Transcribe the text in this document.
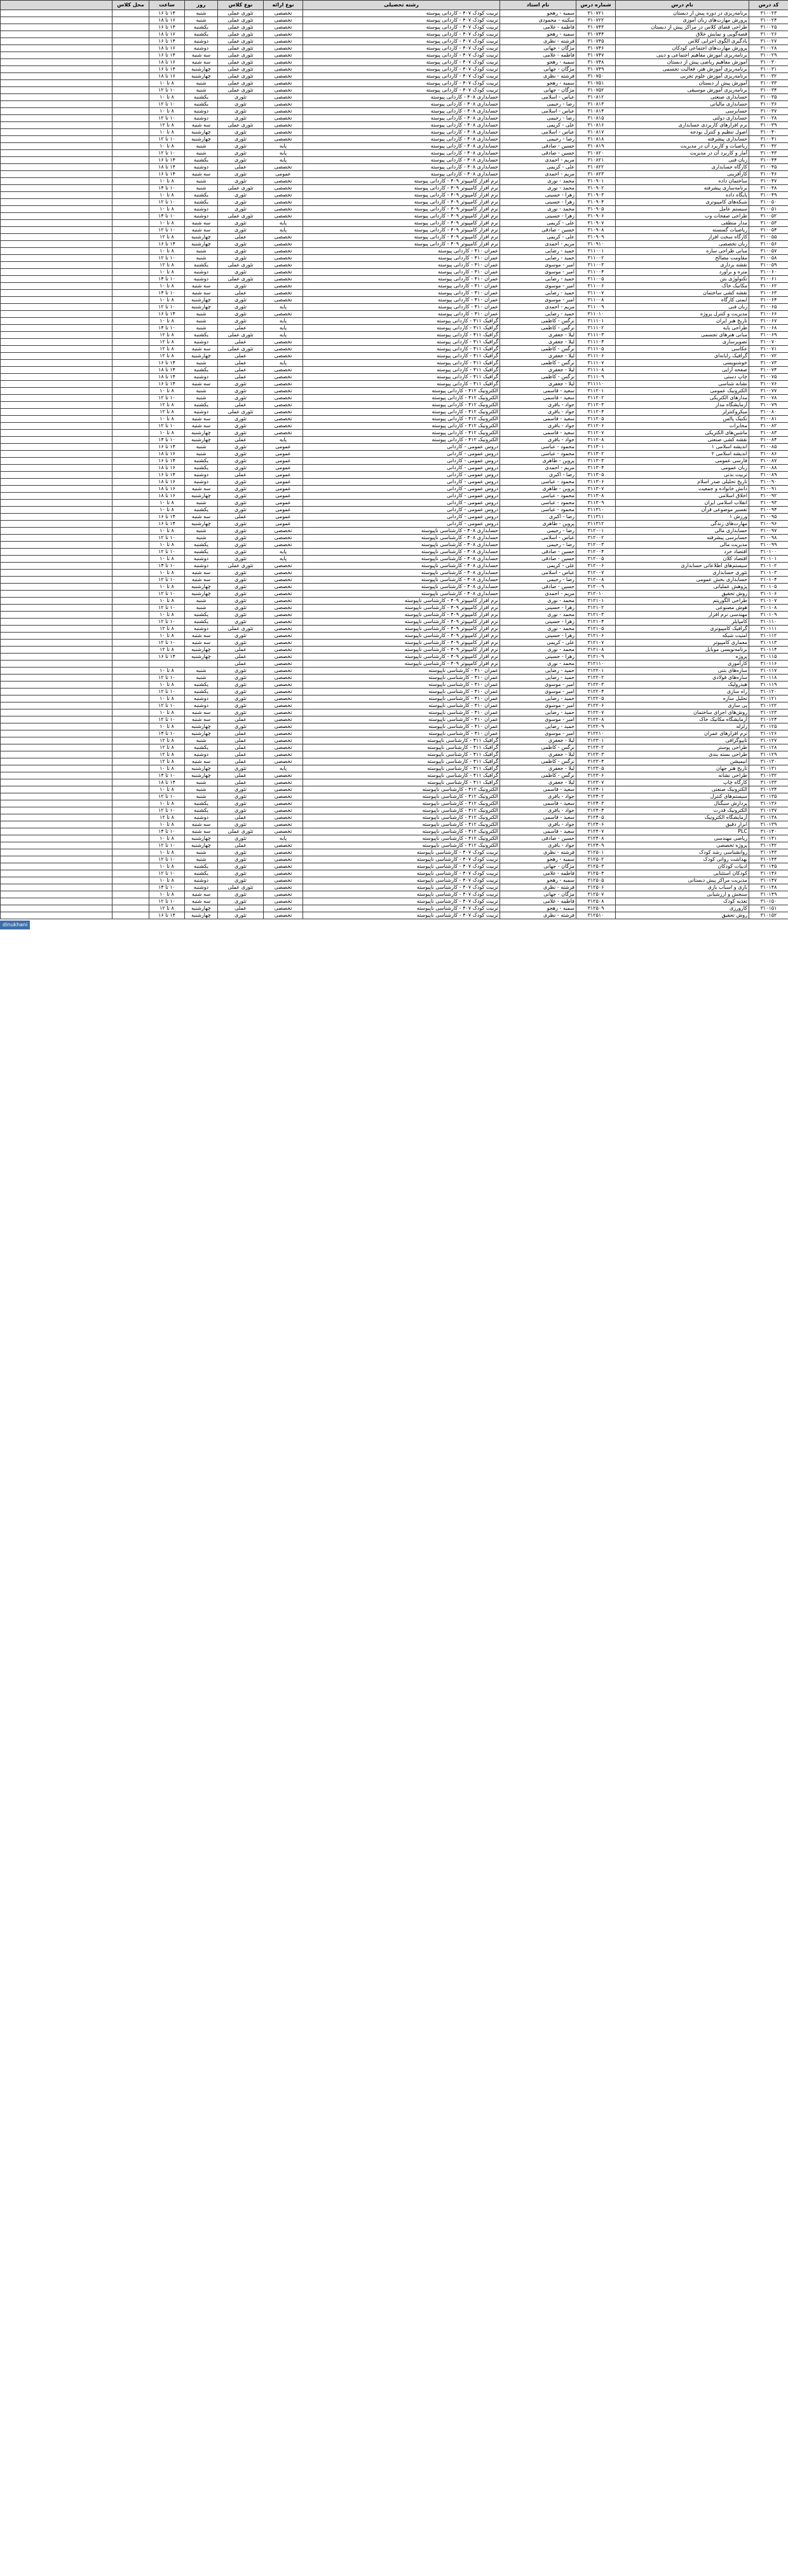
کد درس	نام درس	شماره درس	نام استاد	رشته تحصیلی	نوع ارائه	نوع کلاس	روز	ساعت	محل کلاس	
۳۱۰۰۲۳	برنامه‌ریزی در دوره پیش از دبستان	۳۱۰۷۲۱	سمیه - رهجو	تربیت کودک ۴۰۷ - کاردانی پیوسته	تخصصی	تئوری عملی	شنبه	۱۴ تا ۱۶		
۳۱۰۰۲۴	پرورش مهارت‌های زبان آموزی	۳۱۰۷۲۲	سکینه - محمودی	تربیت کودک ۴۰۷ - کاردانی پیوسته	تخصصی	تئوری عملی	شنبه	۱۶ تا ۱۸		
۳۱۰۰۲۵	طراحی فضای کلاس در مراکز پیش از دبستان	۳۱۰۷۴۳	فاطمه - غلامی	تربیت کودک ۴۰۷ - کاردانی پیوسته	تخصصی	تئوری عملی	یکشنبه	۱۴ تا ۱۶		
۳۱۰۰۲۶	قصه‌گویی و نمایش خلاق	۳۱۰۷۴۴	سمیه - رهجو	تربیت کودک ۴۰۷ - کاردانی پیوسته	تخصصی	تئوری عملی	یکشنبه	۱۶ تا ۱۸		
۳۱۰۰۲۷	یادگیری الگوی اجرایی کلاس	۳۱۰۷۴۵	فرشته - نظری	تربیت کودک ۴۰۷ - کاردانی پیوسته	تخصصی	تئوری عملی	دوشنبه	۱۴ تا ۱۶		
۳۱۰۰۲۸	پرورش مهارت‌های اجتماعی کودکان	۳۱۰۷۴۶	مژگان - جهانی	تربیت کودک ۴۰۷ - کاردانی پیوسته	تخصصی	تئوری عملی	دوشنبه	۱۶ تا ۱۸		
۳۱۰۰۲۹	برنامه‌ریزی آموزش مفاهیم اجتماعی و دینی	۳۱۰۷۴۷	فاطمه - غلامی	تربیت کودک ۴۰۷ - کاردانی پیوسته	تخصصی	تئوری عملی	سه شنبه	۱۴ تا ۱۶		
۳۱۰۰۳۰	آموزش مفاهیم ریاضی پیش از دبستان	۳۱۰۷۴۸	سمیه - رهجو	تربیت کودک ۴۰۷ - کاردانی پیوسته	تخصصی	تئوری عملی	سه شنبه	۱۶ تا ۱۸		
۳۱۰۰۳۱	برنامه‌ریزی آموزش هنر، فعالیت تجسمی	۳۱۰۷۴۹	مژگان - جهانی	تربیت کودک ۴۰۷ - کاردانی پیوسته	تخصصی	تئوری عملی	چهارشنبه	۱۴ تا ۱۶		
۳۱۰۰۳۲	برنامه‌ریزی آموزش علوم تجربی	۳۱۰۷۵۰	فرشته - نظری	تربیت کودک ۴۰۷ - کاردانی پیوسته	تخصصی	تئوری عملی	چهارشنبه	۱۶ تا ۱۸		
۳۱۰۰۳۳	آموزش پیش از دبستان	۳۱۰۷۵۱	سمیه - رهجو	تربیت کودک ۴۰۷ - کاردانی پیوسته	تخصصی	تئوری عملی	شنبه	۸ تا ۱۰		
۳۱۰۰۳۴	برنامه‌ریزی آموزش موسیقی	۳۱۰۷۵۲	مژگان - جهانی	تربیت کودک ۴۰۷ - کاردانی پیوسته	تخصصی	تئوری عملی	شنبه	۱۰ تا ۱۲		
۳۱۰۰۳۵	حسابداری صنعتی	۳۱۰۸۱۲	عباس - اسلامی	حسابداری ۴۰۸ - کاردانی پیوسته	تخصصی	تئوری	یکشنبه	۸ تا ۱۰		
۳۱۰۰۳۶	حسابداری مالیاتی	۳۱۰۸۱۳	رضا - رحیمی	حسابداری ۴۰۸ - کاردانی پیوسته	تخصصی	تئوری	یکشنبه	۱۰ تا ۱۲		
۳۱۰۰۳۷	حسابرسی	۳۱۰۸۱۴	عباس - اسلامی	حسابداری ۴۰۸ - کاردانی پیوسته	تخصصی	تئوری	دوشنبه	۸ تا ۱۰		
۳۱۰۰۳۸	حسابداری دولتی	۳۱۰۸۱۵	رضا - رحیمی	حسابداری ۴۰۸ - کاردانی پیوسته	تخصصی	تئوری	دوشنبه	۱۰ تا ۱۲		
۳۱۰۰۳۹	نرم افزارهای کاربردی حسابداری	۳۱۰۸۱۶	علی - کریمی	حسابداری ۴۰۸ - کاردانی پیوسته	تخصصی	تئوری عملی	سه شنبه	۸ تا ۱۲		
۳۱۰۰۴۰	اصول تنظیم و کنترل بودجه	۳۱۰۸۱۷	عباس - اسلامی	حسابداری ۴۰۸ - کاردانی پیوسته	تخصصی	تئوری	چهارشنبه	۸ تا ۱۰		
۳۱۰۰۴۱	حسابداری پیشرفته	۳۱۰۸۱۸	رضا - رحیمی	حسابداری ۴۰۸ - کاردانی پیوسته	تخصصی	تئوری	چهارشنبه	۱۰ تا ۱۲		
۳۱۰۰۴۲	ریاضیات و کاربرد آن در مدیریت	۳۱۰۸۱۹	حسین - صادقی	حسابداری ۴۰۸ - کاردانی پیوسته	پایه	تئوری	شنبه	۸ تا ۱۰		
۳۱۰۰۴۳	آمار و کاربرد آن در مدیریت	۳۱۰۸۲۰	حسین - صادقی	حسابداری ۴۰۸ - کاردانی پیوسته	پایه	تئوری	شنبه	۱۰ تا ۱۲		
۳۱۰۰۴۴	زبان فنی	۳۱۰۸۲۱	مریم - احمدی	حسابداری ۴۰۸ - کاردانی پیوسته	پایه	تئوری	یکشنبه	۱۴ تا ۱۶		
۳۱۰۰۴۵	کارگاه حسابداری	۳۱۰۸۲۲	علی - کریمی	حسابداری ۴۰۸ - کاردانی پیوسته	تخصصی	عملی	دوشنبه	۱۴ تا ۱۸		
۳۱۰۰۴۶	کارآفرینی	۳۱۰۸۲۳	مریم - احمدی	حسابداری ۴۰۸ - کاردانی پیوسته	عمومی	تئوری	سه شنبه	۱۴ تا ۱۶		
۳۱۰۰۴۷	ساختمان داده	۳۱۰۹۰۱	محمد - نوری	نرم افزار کامپیوتر ۴۰۹ - کاردانی پیوسته	تخصصی	تئوری	شنبه	۸ تا ۱۰		
۳۱۰۰۴۸	برنامه‌سازی پیشرفته	۳۱۰۹۰۲	محمد - نوری	نرم افزار کامپیوتر ۴۰۹ - کاردانی پیوسته	تخصصی	تئوری عملی	شنبه	۱۰ تا ۱۴		
۳۱۰۰۴۹	پایگاه داده	۳۱۰۹۰۳	زهرا - حسینی	نرم افزار کامپیوتر ۴۰۹ - کاردانی پیوسته	تخصصی	تئوری	یکشنبه	۸ تا ۱۰		
۳۱۰۰۵۰	شبکه‌های کامپیوتری	۳۱۰۹۰۴	زهرا - حسینی	نرم افزار کامپیوتر ۴۰۹ - کاردانی پیوسته	تخصصی	تئوری	یکشنبه	۱۰ تا ۱۲		
۳۱۰۰۵۱	سیستم عامل	۳۱۰۹۰۵	محمد - نوری	نرم افزار کامپیوتر ۴۰۹ - کاردانی پیوسته	تخصصی	تئوری	دوشنبه	۸ تا ۱۰		
۳۱۰۰۵۲	طراحی صفحات وب	۳۱۰۹۰۶	زهرا - حسینی	نرم افزار کامپیوتر ۴۰۹ - کاردانی پیوسته	تخصصی	تئوری عملی	دوشنبه	۱۰ تا ۱۴		
۳۱۰۰۵۳	مدار منطقی	۳۱۰۹۰۷	علی - کریمی	نرم افزار کامپیوتر ۴۰۹ - کاردانی پیوسته	پایه	تئوری	سه شنبه	۸ تا ۱۰		
۳۱۰۰۵۴	ریاضیات گسسته	۳۱۰۹۰۸	حسین - صادقی	نرم افزار کامپیوتر ۴۰۹ - کاردانی پیوسته	پایه	تئوری	سه شنبه	۱۰ تا ۱۲		
۳۱۰۰۵۵	کارگاه سخت افزار	۳۱۰۹۰۹	علی - کریمی	نرم افزار کامپیوتر ۴۰۹ - کاردانی پیوسته	تخصصی	عملی	چهارشنبه	۸ تا ۱۲		
۳۱۰۰۵۶	زبان تخصصی	۳۱۰۹۱۰	مریم - احمدی	نرم افزار کامپیوتر ۴۰۹ - کاردانی پیوسته	تخصصی	تئوری	چهارشنبه	۱۴ تا ۱۶		
۳۱۰۰۵۷	مبانی طراحی سازه	۳۱۱۰۰۱	حمید - رضایی	عمران ۴۱۰ - کاردانی پیوسته	تخصصی	تئوری	شنبه	۸ تا ۱۰		
۳۱۰۰۵۸	مقاومت مصالح	۳۱۱۰۰۲	حمید - رضایی	عمران ۴۱۰ - کاردانی پیوسته	تخصصی	تئوری	شنبه	۱۰ تا ۱۲		
۳۱۰۰۵۹	نقشه برداری	۳۱۱۰۰۳	امیر - موسوی	عمران ۴۱۰ - کاردانی پیوسته	تخصصی	تئوری عملی	یکشنبه	۸ تا ۱۲		
۳۱۰۰۶۰	متره و برآورد	۳۱۱۰۰۴	امیر - موسوی	عمران ۴۱۰ - کاردانی پیوسته	تخصصی	تئوری	دوشنبه	۸ تا ۱۰		
۳۱۰۰۶۱	تکنولوژی بتن	۳۱۱۰۰۵	حمید - رضایی	عمران ۴۱۰ - کاردانی پیوسته	تخصصی	تئوری عملی	دوشنبه	۱۰ تا ۱۴		
۳۱۰۰۶۲	مکانیک خاک	۳۱۱۰۰۶	امیر - موسوی	عمران ۴۱۰ - کاردانی پیوسته	تخصصی	تئوری	سه شنبه	۸ تا ۱۰		
۳۱۰۰۶۳	نقشه کشی ساختمان	۳۱۱۰۰۷	حمید - رضایی	عمران ۴۱۰ - کاردانی پیوسته	تخصصی	عملی	سه شنبه	۱۰ تا ۱۴		
۳۱۰۰۶۴	ایمنی کارگاه	۳۱۱۰۰۸	امیر - موسوی	عمران ۴۱۰ - کاردانی پیوسته	تخصصی	تئوری	چهارشنبه	۸ تا ۱۰		
۳۱۰۰۶۵	زبان فنی	۳۱۱۰۰۹	مریم - احمدی	عمران ۴۱۰ - کاردانی پیوسته	پایه	تئوری	چهارشنبه	۱۰ تا ۱۲		
۳۱۰۰۶۶	مدیریت و کنترل پروژه	۳۱۱۰۱۰	حمید - رضایی	عمران ۴۱۰ - کاردانی پیوسته	تخصصی	تئوری	شنبه	۱۴ تا ۱۶		
۳۱۰۰۶۷	تاریخ هنر ایران	۳۱۱۱۰۱	نرگس - کاظمی	گرافیک ۴۱۱ - کاردانی پیوسته	پایه	تئوری	شنبه	۸ تا ۱۰		
۳۱۰۰۶۸	طراحی پایه	۳۱۱۱۰۲	نرگس - کاظمی	گرافیک ۴۱۱ - کاردانی پیوسته	پایه	عملی	شنبه	۱۰ تا ۱۴		
۳۱۰۰۶۹	مبانی هنرهای تجسمی	۳۱۱۱۰۳	لیلا - جعفری	گرافیک ۴۱۱ - کاردانی پیوسته	پایه	تئوری عملی	یکشنبه	۸ تا ۱۲		
۳۱۰۰۷۰	تصویرسازی	۳۱۱۱۰۴	لیلا - جعفری	گرافیک ۴۱۱ - کاردانی پیوسته	تخصصی	عملی	دوشنبه	۸ تا ۱۲		
۳۱۰۰۷۱	عکاسی	۳۱۱۱۰۵	نرگس - کاظمی	گرافیک ۴۱۱ - کاردانی پیوسته	تخصصی	تئوری عملی	سه شنبه	۸ تا ۱۲		
۳۱۰۰۷۲	گرافیک رایانه‌ای	۳۱۱۱۰۶	لیلا - جعفری	گرافیک ۴۱۱ - کاردانی پیوسته	تخصصی	عملی	چهارشنبه	۸ تا ۱۲		
۳۱۰۰۷۳	خوشنویسی	۳۱۱۱۰۷	نرگس - کاظمی	گرافیک ۴۱۱ - کاردانی پیوسته	پایه	عملی	شنبه	۱۴ تا ۱۶		
۳۱۰۰۷۴	صفحه آرایی	۳۱۱۱۰۸	لیلا - جعفری	گرافیک ۴۱۱ - کاردانی پیوسته	تخصصی	عملی	یکشنبه	۱۴ تا ۱۸		
۳۱۰۰۷۵	چاپ دستی	۳۱۱۱۰۹	نرگس - کاظمی	گرافیک ۴۱۱ - کاردانی پیوسته	تخصصی	عملی	دوشنبه	۱۴ تا ۱۸		
۳۱۰۰۷۶	نشانه شناسی	۳۱۱۱۱۰	لیلا - جعفری	گرافیک ۴۱۱ - کاردانی پیوسته	تخصصی	تئوری	سه شنبه	۱۴ تا ۱۶		
۳۱۰۰۷۷	الکترونیک عمومی	۳۱۱۲۰۱	سعید - قاسمی	الکترونیک ۴۱۲ - کاردانی پیوسته	تخصصی	تئوری	شنبه	۸ تا ۱۰		
۳۱۰۰۷۸	مدارهای الکتریکی	۳۱۱۲۰۲	سعید - قاسمی	الکترونیک ۴۱۲ - کاردانی پیوسته	تخصصی	تئوری	شنبه	۱۰ تا ۱۲		
۳۱۰۰۷۹	آزمایشگاه مدار	۳۱۱۲۰۳	جواد - باقری	الکترونیک ۴۱۲ - کاردانی پیوسته	تخصصی	عملی	یکشنبه	۸ تا ۱۲		
۳۱۰۰۸۰	میکروکنترلر	۳۱۱۲۰۴	جواد - باقری	الکترونیک ۴۱۲ - کاردانی پیوسته	تخصصی	تئوری عملی	دوشنبه	۸ تا ۱۲		
۳۱۰۰۸۱	تکنیک پالس	۳۱۱۲۰۵	سعید - قاسمی	الکترونیک ۴۱۲ - کاردانی پیوسته	تخصصی	تئوری	سه شنبه	۸ تا ۱۰		
۳۱۰۰۸۲	مخابرات	۳۱۱۲۰۶	جواد - باقری	الکترونیک ۴۱۲ - کاردانی پیوسته	تخصصی	تئوری	سه شنبه	۱۰ تا ۱۲		
۳۱۰۰۸۳	ماشین‌های الکتریکی	۳۱۱۲۰۷	سعید - قاسمی	الکترونیک ۴۱۲ - کاردانی پیوسته	تخصصی	تئوری	چهارشنبه	۸ تا ۱۰		
۳۱۰۰۸۴	نقشه کشی صنعتی	۳۱۱۲۰۸	جواد - باقری	الکترونیک ۴۱۲ - کاردانی پیوسته	پایه	عملی	چهارشنبه	۱۰ تا ۱۴		
۳۱۰۰۸۵	اندیشه اسلامی ۱	۳۱۱۳۰۱	محمود - عباسی	دروس عمومی - کاردانی	عمومی	تئوری	شنبه	۱۴ تا ۱۶		
۳۱۰۰۸۶	اندیشه اسلامی ۲	۳۱۱۳۰۲	محمود - عباسی	دروس عمومی - کاردانی	عمومی	تئوری	شنبه	۱۶ تا ۱۸		
۳۱۰۰۸۷	فارسی عمومی	۳۱۱۳۰۳	پروین - طاهری	دروس عمومی - کاردانی	عمومی	تئوری	یکشنبه	۱۴ تا ۱۶		
۳۱۰۰۸۸	زبان عمومی	۳۱۱۳۰۴	مریم - احمدی	دروس عمومی - کاردانی	عمومی	تئوری	یکشنبه	۱۶ تا ۱۸		
۳۱۰۰۸۹	تربیت بدنی	۳۱۱۳۰۵	رضا - اکبری	دروس عمومی - کاردانی	عمومی	عملی	دوشنبه	۱۴ تا ۱۶		
۳۱۰۰۹۰	تاریخ تحلیلی صدر اسلام	۳۱۱۳۰۶	محمود - عباسی	دروس عمومی - کاردانی	عمومی	تئوری	دوشنبه	۱۶ تا ۱۸		
۳۱۰۰۹۱	دانش خانواده و جمعیت	۳۱۱۳۰۷	پروین - طاهری	دروس عمومی - کاردانی	عمومی	تئوری	سه شنبه	۱۶ تا ۱۸		
۳۱۰۰۹۲	اخلاق اسلامی	۳۱۱۳۰۸	محمود - عباسی	دروس عمومی - کاردانی	عمومی	تئوری	چهارشنبه	۱۶ تا ۱۸		
۳۱۰۰۹۳	انقلاب اسلامی ایران	۳۱۱۳۰۹	محمود - عباسی	دروس عمومی - کاردانی	عمومی	تئوری	شنبه	۸ تا ۱۰		
۳۱۰۰۹۴	تفسیر موضوعی قرآن	۳۱۱۳۱۰	محمود - عباسی	دروس عمومی - کاردانی	عمومی	تئوری	یکشنبه	۸ تا ۱۰		
۳۱۰۰۹۵	ورزش ۱	۳۱۱۳۱۱	رضا - اکبری	دروس عمومی - کاردانی	عمومی	عملی	سه شنبه	۱۴ تا ۱۶		
۳۱۰۰۹۶	مهارت‌های زندگی	۳۱۱۳۱۲	پروین - طاهری	دروس عمومی - کاردانی	عمومی	تئوری	چهارشنبه	۱۴ تا ۱۶		
۳۱۰۰۹۷	حسابداری مالی	۳۱۲۰۰۱	رضا - رحیمی	حسابداری ۴۰۸ - کارشناسی ناپیوسته	تخصصی	تئوری	شنبه	۸ تا ۱۰		
۳۱۰۰۹۸	حسابرسی پیشرفته	۳۱۲۰۰۲	عباس - اسلامی	حسابداری ۴۰۸ - کارشناسی ناپیوسته	تخصصی	تئوری	شنبه	۱۰ تا ۱۲		
۳۱۰۰۹۹	مدیریت مالی	۳۱۲۰۰۳	رضا - رحیمی	حسابداری ۴۰۸ - کارشناسی ناپیوسته	تخصصی	تئوری	یکشنبه	۸ تا ۱۰		
۳۱۰۱۰۰	اقتصاد خرد	۳۱۲۰۰۴	حسین - صادقی	حسابداری ۴۰۸ - کارشناسی ناپیوسته	پایه	تئوری	یکشنبه	۱۰ تا ۱۲		
۳۱۰۱۰۱	اقتصاد کلان	۳۱۲۰۰۵	حسین - صادقی	حسابداری ۴۰۸ - کارشناسی ناپیوسته	پایه	تئوری	دوشنبه	۸ تا ۱۰		
۳۱۰۱۰۲	سیستم‌های اطلاعاتی حسابداری	۳۱۲۰۰۶	علی - کریمی	حسابداری ۴۰۸ - کارشناسی ناپیوسته	تخصصی	تئوری عملی	دوشنبه	۱۰ تا ۱۴		
۳۱۰۱۰۳	تئوری حسابداری	۳۱۲۰۰۷	عباس - اسلامی	حسابداری ۴۰۸ - کارشناسی ناپیوسته	تخصصی	تئوری	سه شنبه	۸ تا ۱۰		
۳۱۰۱۰۴	حسابداری بخش عمومی	۳۱۲۰۰۸	رضا - رحیمی	حسابداری ۴۰۸ - کارشناسی ناپیوسته	تخصصی	تئوری	سه شنبه	۱۰ تا ۱۲		
۳۱۰۱۰۵	پژوهش عملیاتی	۳۱۲۰۰۹	حسین - صادقی	حسابداری ۴۰۸ - کارشناسی ناپیوسته	تخصصی	تئوری	چهارشنبه	۸ تا ۱۰		
۳۱۰۱۰۶	روش تحقیق	۳۱۲۰۱۰	مریم - احمدی	حسابداری ۴۰۸ - کارشناسی ناپیوسته	تخصصی	تئوری	چهارشنبه	۱۰ تا ۱۲		
۳۱۰۱۰۷	طراحی الگوریتم	۳۱۲۱۰۱	محمد - نوری	نرم افزار کامپیوتر ۴۰۹ - کارشناسی ناپیوسته	تخصصی	تئوری	شنبه	۸ تا ۱۰		
۳۱۰۱۰۸	هوش مصنوعی	۳۱۲۱۰۲	زهرا - حسینی	نرم افزار کامپیوتر ۴۰۹ - کارشناسی ناپیوسته	تخصصی	تئوری	شنبه	۱۰ تا ۱۲		
۳۱۰۱۰۹	مهندسی نرم افزار	۳۱۲۱۰۳	محمد - نوری	نرم افزار کامپیوتر ۴۰۹ - کارشناسی ناپیوسته	تخصصی	تئوری	یکشنبه	۸ تا ۱۰		
۳۱۰۱۱۰	کامپایلر	۳۱۲۱۰۴	زهرا - حسینی	نرم افزار کامپیوتر ۴۰۹ - کارشناسی ناپیوسته	تخصصی	تئوری	یکشنبه	۱۰ تا ۱۲		
۳۱۰۱۱۱	گرافیک کامپیوتری	۳۱۲۱۰۵	محمد - نوری	نرم افزار کامپیوتر ۴۰۹ - کارشناسی ناپیوسته	تخصصی	تئوری عملی	دوشنبه	۸ تا ۱۲		
۳۱۰۱۱۲	امنیت شبکه	۳۱۲۱۰۶	زهرا - حسینی	نرم افزار کامپیوتر ۴۰۹ - کارشناسی ناپیوسته	تخصصی	تئوری	سه شنبه	۸ تا ۱۰		
۳۱۰۱۱۳	معماری کامپیوتر	۳۱۲۱۰۷	علی - کریمی	نرم افزار کامپیوتر ۴۰۹ - کارشناسی ناپیوسته	تخصصی	تئوری	سه شنبه	۱۰ تا ۱۲		
۳۱۰۱۱۴	برنامه‌نویسی موبایل	۳۱۲۱۰۸	محمد - نوری	نرم افزار کامپیوتر ۴۰۹ - کارشناسی ناپیوسته	تخصصی	عملی	چهارشنبه	۸ تا ۱۲		
۳۱۰۱۱۵	پروژه	۳۱۲۱۰۹	زهرا - حسینی	نرم افزار کامپیوتر ۴۰۹ - کارشناسی ناپیوسته	تخصصی	عملی	چهارشنبه	۱۴ تا ۱۶		
۳۱۰۱۱۶	کارآموزی	۳۱۲۱۱۰	محمد - نوری	نرم افزار کامپیوتر ۴۰۹ - کارشناسی ناپیوسته	تخصصی	عملی				
۳۱۰۱۱۷	سازه‌های بتنی	۳۱۲۲۰۱	حمید - رضایی	عمران ۴۱۰ - کارشناسی ناپیوسته	تخصصی	تئوری	شنبه	۸ تا ۱۰		
۳۱۰۱۱۸	سازه‌های فولادی	۳۱۲۲۰۲	حمید - رضایی	عمران ۴۱۰ - کارشناسی ناپیوسته	تخصصی	تئوری	شنبه	۱۰ تا ۱۲		
۳۱۰۱۱۹	هیدرولیک	۳۱۲۲۰۳	امیر - موسوی	عمران ۴۱۰ - کارشناسی ناپیوسته	تخصصی	تئوری	یکشنبه	۸ تا ۱۰		
۳۱۰۱۲۰	راه سازی	۳۱۲۲۰۴	امیر - موسوی	عمران ۴۱۰ - کارشناسی ناپیوسته	تخصصی	تئوری	یکشنبه	۱۰ تا ۱۲		
۳۱۰۱۲۱	تحلیل سازه	۳۱۲۲۰۵	حمید - رضایی	عمران ۴۱۰ - کارشناسی ناپیوسته	تخصصی	تئوری	دوشنبه	۸ تا ۱۰		
۳۱۰۱۲۲	پی سازی	۳۱۲۲۰۶	امیر - موسوی	عمران ۴۱۰ - کارشناسی ناپیوسته	تخصصی	تئوری	دوشنبه	۱۰ تا ۱۲		
۳۱۰۱۲۳	روش‌های اجرای ساختمان	۳۱۲۲۰۷	حمید - رضایی	عمران ۴۱۰ - کارشناسی ناپیوسته	تخصصی	تئوری	سه شنبه	۸ تا ۱۰		
۳۱۰۱۲۴	آزمایشگاه مکانیک خاک	۳۱۲۲۰۸	امیر - موسوی	عمران ۴۱۰ - کارشناسی ناپیوسته	تخصصی	عملی	سه شنبه	۱۰ تا ۱۲		
۳۱۰۱۲۵	زلزله	۳۱۲۲۰۹	حمید - رضایی	عمران ۴۱۰ - کارشناسی ناپیوسته	تخصصی	تئوری	چهارشنبه	۸ تا ۱۰		
۳۱۰۱۲۶	نرم افزارهای عمران	۳۱۲۲۱۰	امیر - موسوی	عمران ۴۱۰ - کارشناسی ناپیوسته	تخصصی	عملی	چهارشنبه	۱۰ تا ۱۴		
۳۱۰۱۲۷	تایپوگرافی	۳۱۲۳۰۱	لیلا - جعفری	گرافیک ۴۱۱ - کارشناسی ناپیوسته	تخصصی	عملی	شنبه	۸ تا ۱۲		
۳۱۰۱۲۸	طراحی پوستر	۳۱۲۳۰۲	نرگس - کاظمی	گرافیک ۴۱۱ - کارشناسی ناپیوسته	تخصصی	عملی	یکشنبه	۸ تا ۱۲		
۳۱۰۱۲۹	طراحی بسته بندی	۳۱۲۳۰۳	لیلا - جعفری	گرافیک ۴۱۱ - کارشناسی ناپیوسته	تخصصی	عملی	دوشنبه	۸ تا ۱۲		
۳۱۰۱۳۰	انیمیشن	۳۱۲۳۰۴	نرگس - کاظمی	گرافیک ۴۱۱ - کارشناسی ناپیوسته	تخصصی	عملی	سه شنبه	۸ تا ۱۲		
۳۱۰۱۳۱	تاریخ هنر جهان	۳۱۲۳۰۵	لیلا - جعفری	گرافیک ۴۱۱ - کارشناسی ناپیوسته	پایه	تئوری	چهارشنبه	۸ تا ۱۰		
۳۱۰۱۳۲	طراحی نشانه	۳۱۲۳۰۶	نرگس - کاظمی	گرافیک ۴۱۱ - کارشناسی ناپیوسته	تخصصی	عملی	چهارشنبه	۱۰ تا ۱۴		
۳۱۰۱۳۳	کارگاه چاپ	۳۱۲۳۰۷	لیلا - جعفری	گرافیک ۴۱۱ - کارشناسی ناپیوسته	تخصصی	عملی	شنبه	۱۴ تا ۱۸		
۳۱۰۱۳۴	الکترونیک صنعتی	۳۱۲۴۰۱	سعید - قاسمی	الکترونیک ۴۱۲ - کارشناسی ناپیوسته	تخصصی	تئوری	شنبه	۸ تا ۱۰		
۳۱۰۱۳۵	سیستم‌های کنترل	۳۱۲۴۰۲	جواد - باقری	الکترونیک ۴۱۲ - کارشناسی ناپیوسته	تخصصی	تئوری	شنبه	۱۰ تا ۱۲		
۳۱۰۱۳۶	پردازش سیگنال	۳۱۲۴۰۳	سعید - قاسمی	الکترونیک ۴۱۲ - کارشناسی ناپیوسته	تخصصی	تئوری	یکشنبه	۸ تا ۱۰		
۳۱۰۱۳۷	الکترونیک قدرت	۳۱۲۴۰۴	جواد - باقری	الکترونیک ۴۱۲ - کارشناسی ناپیوسته	تخصصی	تئوری	یکشنبه	۱۰ تا ۱۲		
۳۱۰۱۳۸	آزمایشگاه الکترونیک	۳۱۲۴۰۵	سعید - قاسمی	الکترونیک ۴۱۲ - کارشناسی ناپیوسته	تخصصی	عملی	دوشنبه	۸ تا ۱۲		
۳۱۰۱۳۹	ابزار دقیق	۳۱۲۴۰۶	جواد - باقری	الکترونیک ۴۱۲ - کارشناسی ناپیوسته	تخصصی	تئوری	سه شنبه	۸ تا ۱۰		
۳۱۰۱۴۰	PLC	۳۱۲۴۰۷	سعید - قاسمی	الکترونیک ۴۱۲ - کارشناسی ناپیوسته	تخصصی	تئوری عملی	سه شنبه	۱۰ تا ۱۴		
۳۱۰۱۴۱	ریاضی مهندسی	۳۱۲۴۰۸	حسین - صادقی	الکترونیک ۴۱۲ - کارشناسی ناپیوسته	پایه	تئوری	چهارشنبه	۸ تا ۱۰		
۳۱۰۱۴۲	پروژه تخصصی	۳۱۲۴۰۹	جواد - باقری	الکترونیک ۴۱۲ - کارشناسی ناپیوسته	تخصصی	عملی	چهارشنبه	۱۰ تا ۱۲		
۳۱۰۱۴۳	روانشناسی رشد کودک	۳۱۲۵۰۱	فرشته - نظری	تربیت کودک ۴۰۷ - کارشناسی ناپیوسته	تخصصی	تئوری	شنبه	۸ تا ۱۰		
۳۱۰۱۴۴	بهداشت روانی کودک	۳۱۲۵۰۲	سمیه - رهجو	تربیت کودک ۴۰۷ - کارشناسی ناپیوسته	تخصصی	تئوری	شنبه	۱۰ تا ۱۲		
۳۱۰۱۴۵	ادبیات کودکان	۳۱۲۵۰۳	مژگان - جهانی	تربیت کودک ۴۰۷ - کارشناسی ناپیوسته	تخصصی	تئوری	یکشنبه	۸ تا ۱۰		
۳۱۰۱۴۶	کودکان استثنایی	۳۱۲۵۰۴	فاطمه - غلامی	تربیت کودک ۴۰۷ - کارشناسی ناپیوسته	تخصصی	تئوری	یکشنبه	۱۰ تا ۱۲		
۳۱۰۱۴۷	مدیریت مراکز پیش دبستانی	۳۱۲۵۰۵	سمیه - رهجو	تربیت کودک ۴۰۷ - کارشناسی ناپیوسته	تخصصی	تئوری	دوشنبه	۸ تا ۱۰		
۳۱۰۱۴۸	بازی و اسباب بازی	۳۱۲۵۰۶	فرشته - نظری	تربیت کودک ۴۰۷ - کارشناسی ناپیوسته	تخصصی	تئوری عملی	دوشنبه	۱۰ تا ۱۴		
۳۱۰۱۴۹	سنجش و ارزشیابی	۳۱۲۵۰۷	مژگان - جهانی	تربیت کودک ۴۰۷ - کارشناسی ناپیوسته	تخصصی	تئوری	سه شنبه	۸ تا ۱۰		
۳۱۰۱۵۰	تغذیه کودک	۳۱۲۵۰۸	فاطمه - غلامی	تربیت کودک ۴۰۷ - کارشناسی ناپیوسته	تخصصی	تئوری	سه شنبه	۱۰ تا ۱۲		
۳۱۰۱۵۱	کارورزی	۳۱۲۵۰۹	سمیه - رهجو	تربیت کودک ۴۰۷ - کارشناسی ناپیوسته	تخصصی	عملی	چهارشنبه	۸ تا ۱۲		
۳۱۰۱۵۲	روش تحقیق	۳۱۲۵۱۰	فرشته - نظری	تربیت کودک ۴۰۷ - کارشناسی ناپیوسته	تخصصی	تئوری	چهارشنبه	۱۴ تا ۱۶		
dinukhani
